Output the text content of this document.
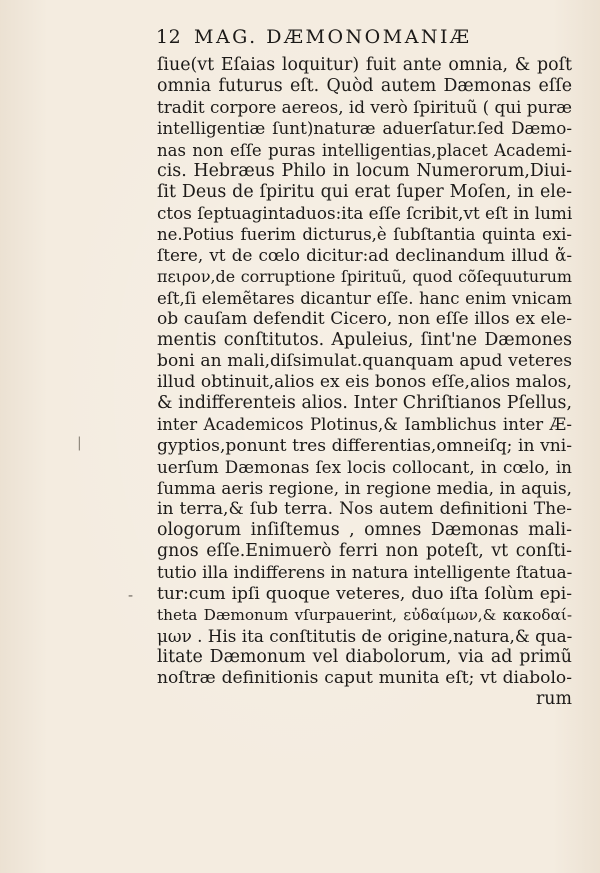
12 MAG. DÆMONOMANIÆ
ſiue(vt Eſaias loquitur) fuit ante omnia, & poſt
omnia futurus eſt. Quòd autem Dæmonas eſſe
tradit corpore aereos, id verò ſpirituũ ( qui puræ
intelligentiæ ſunt)naturæ aduerſatur.ſed Dæmo-
nas non eſſe puras intelligentias,placet Academi-
cis. Hebræus Philo in locum Numerorum,Diui-
ſit Deus de ſpiritu qui erat ſuper Moſen, in ele-
ctos ſeptuagintaduos:ita eſſe ſcribit,vt eſt in lumi
ne.Potius fuerim dicturus,è ſubſtantia quinta exi-
ſtere, vt de cœlo dicitur:ad declinandum illud ἄ-
πειρον,de corruptione ſpirituũ, quod cõſequuturum
eſt,ſi elemẽtares dicantur eſſe. hanc enim vnicam
ob cauſam defendit Cicero, non eſſe illos ex ele-
mentis conſtitutos. Apuleius, ſint'ne Dæmones
boni an mali,diſsimulat.quanquam apud veteres
illud obtinuit,alios ex eis bonos eſſe,alios malos,
& indifferenteis alios. Inter Chriſtianos Pſellus,
inter Academicos Plotinus,& Iamblichus inter Æ-
gyptios,ponunt tres differentias,omneiſq; in vni-
uerſum Dæmonas ſex locis collocant, in cœlo, in
ſumma aeris regione, in regione media, in aquis,
in terra,& ſub terra. Nos autem definitioni The-
ologorum inſiſtemus , omnes Dæmonas mali-
gnos eſſe.Enimuerò ferri non poteſt, vt conſti-
tutio illa indifferens in natura intelligente ſtatua-
tur:cum ipſi quoque veteres, duo iſta ſolùm epi-
theta Dæmonum vſurpauerint, εὐδαίμων,& κακοδαί-
μων . His ita conſtitutis de origine,natura,& qua-
litate Dæmonum vel diabolorum, via ad primũ
noſtræ definitionis caput munita eſt; vt diabolo-
rum
-
|
